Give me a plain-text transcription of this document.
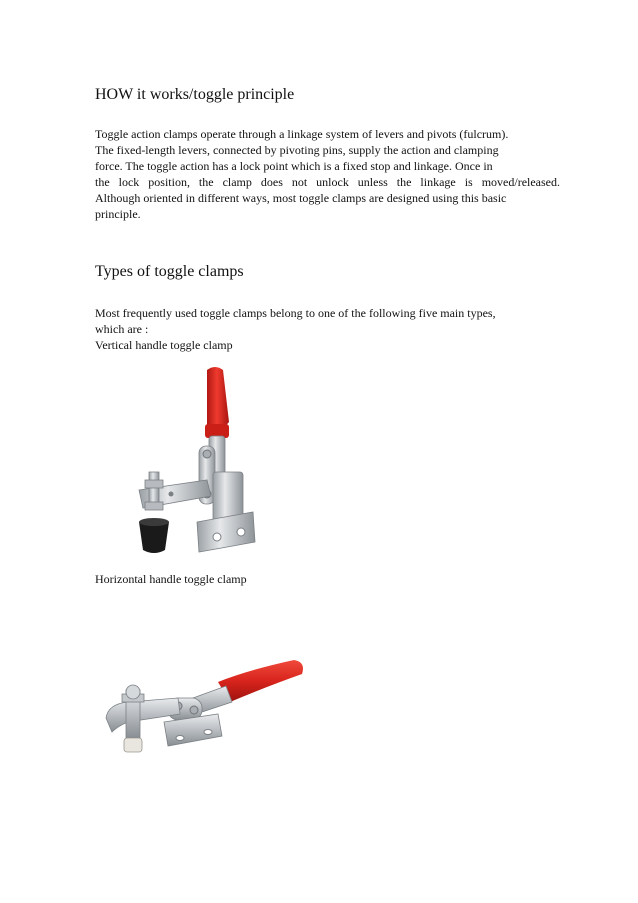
HOW it works/toggle principle
Toggle action clamps operate through a linkage system of levers and pivots (fulcrum).
The fixed-length levers, connected by pivoting pins, supply the action and clamping
force. The toggle action has a lock point which is a fixed stop and linkage. Once in
the lock position, the clamp does not unlock unless the linkage is moved/released.
Although oriented in different ways, most toggle clamps are designed using this basic
principle.
Types of toggle clamps
Most frequently used toggle clamps belong to one of the following five main types,
which are :
Vertical handle toggle clamp
Horizontal handle toggle clamp
